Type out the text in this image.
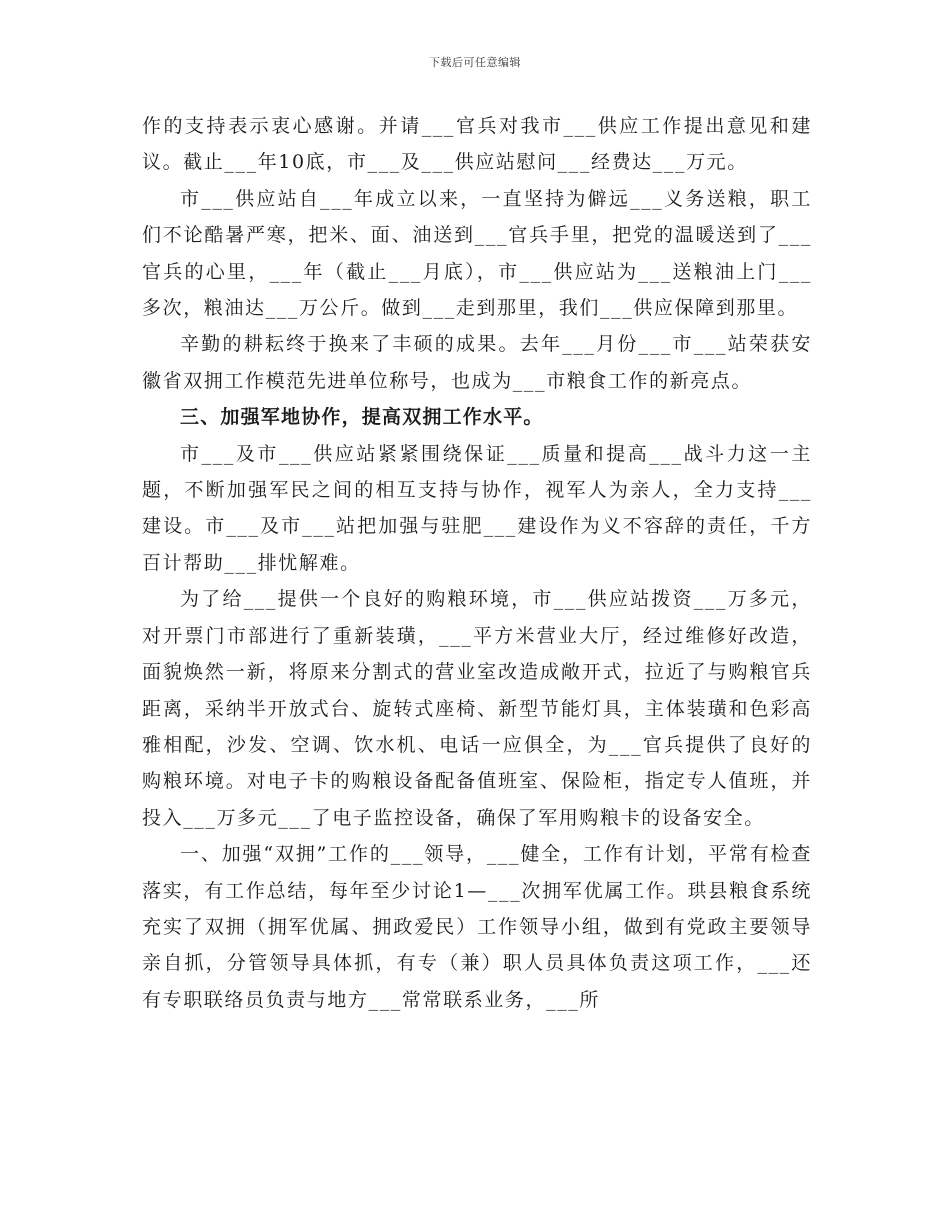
下载后可任意编辑

作的支持表示衷心感谢。并请___官兵对我市___供应工作提出意见和建议。截止___年10底，市___及___供应站慰问___经费达___万元。

市___供应站自___年成立以来，一直坚持为僻远___义务送粮，职工们不论酷暑严寒，把米、面、油送到___官兵手里，把党的温暖送到了___官兵的心里，___年（截止___月底），市___供应站为___送粮油上门___多次，粮油达___万公斤。做到___走到那里，我们___供应保障到那里。

辛勤的耕耘终于换来了丰硕的成果。去年___月份___市___站荣获安徽省双拥工作模范先进单位称号，也成为___市粮食工作的新亮点。

三、加强军地协作，提高双拥工作水平。

市___及市___供应站紧紧围绕保证___质量和提高___战斗力这一主题，不断加强军民之间的相互支持与协作，视军人为亲人，全力支持___建设。市___及市___站把加强与驻肥___建设作为义不容辞的责任，千方百计帮助___排忧解难。

为了给___提供一个良好的购粮环境，市___供应站拨资___万多元，对开票门市部进行了重新装璜，___平方米营业大厅，经过维修好改造，面貌焕然一新，将原来分割式的营业室改造成敞开式，拉近了与购粮官兵距离，采纳半开放式台、旋转式座椅、新型节能灯具，主体装璜和色彩高雅相配，沙发、空调、饮水机、电话一应俱全，为___官兵提供了良好的购粮环境。对电子卡的购粮设备配备值班室、保险柜，指定专人值班，并投入___万多元___了电子监控设备，确保了军用购粮卡的设备安全。

一、加强“双拥”工作的___领导，___健全，工作有计划，平常有检查落实，有工作总结，每年至少讨论1—___次拥军优属工作。珙县粮食系统充实了双拥（拥军优属、拥政爱民）工作领导小组，做到有党政主要领导亲自抓，分管领导具体抓，有专（兼）职人员具体负责这项工作，___还有专职联络员负责与地方___常常联系业务，___所
